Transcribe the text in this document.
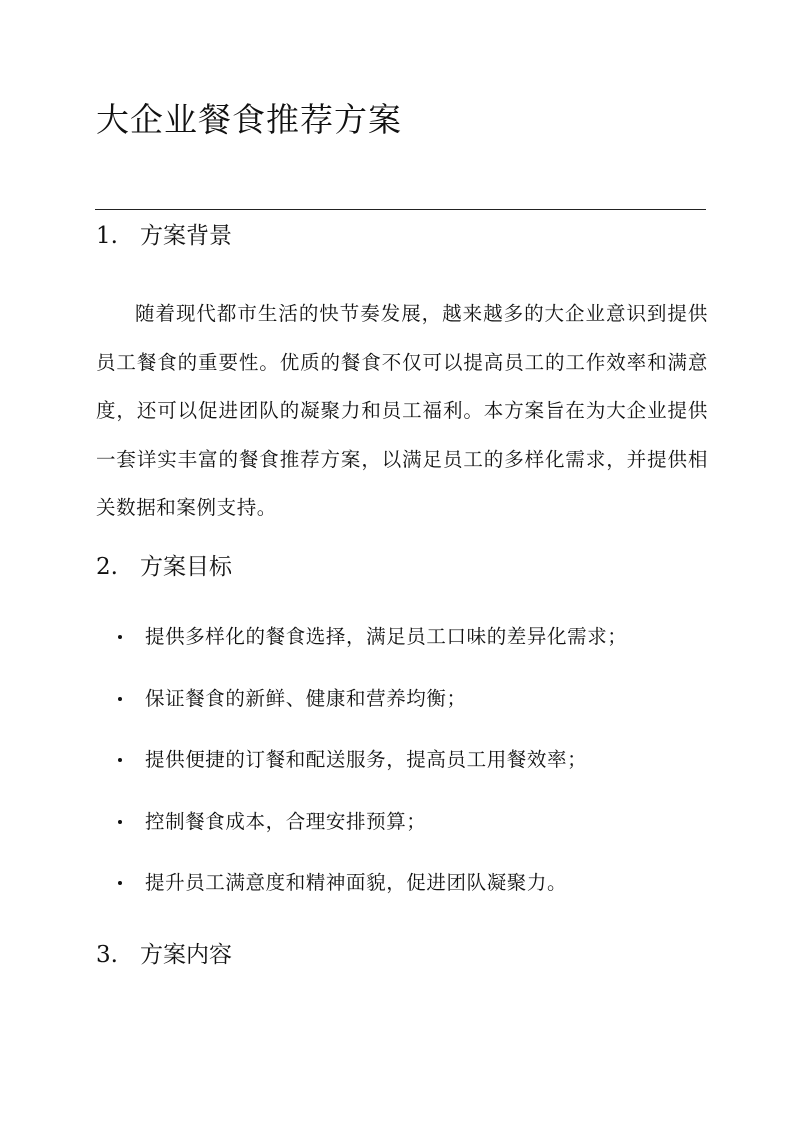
大企业餐食推荐方案
1. 方案背景

随着现代都市生活的快节奏发展，越来越多的大企业意识到提供员工餐食的重要性。优质的餐食不仅可以提高员工的工作效率和满意度，还可以促进团队的凝聚力和员工福利。本方案旨在为大企业提供一套详实丰富的餐食推荐方案，以满足员工的多样化需求，并提供相关数据和案例支持。

2. 方案目标
提供多样化的餐食选择，满足员工口味的差异化需求；
保证餐食的新鲜、健康和营养均衡；
提供便捷的订餐和配送服务，提高员工用餐效率；
控制餐食成本，合理安排预算；
提升员工满意度和精神面貌，促进团队凝聚力。
3. 方案内容
